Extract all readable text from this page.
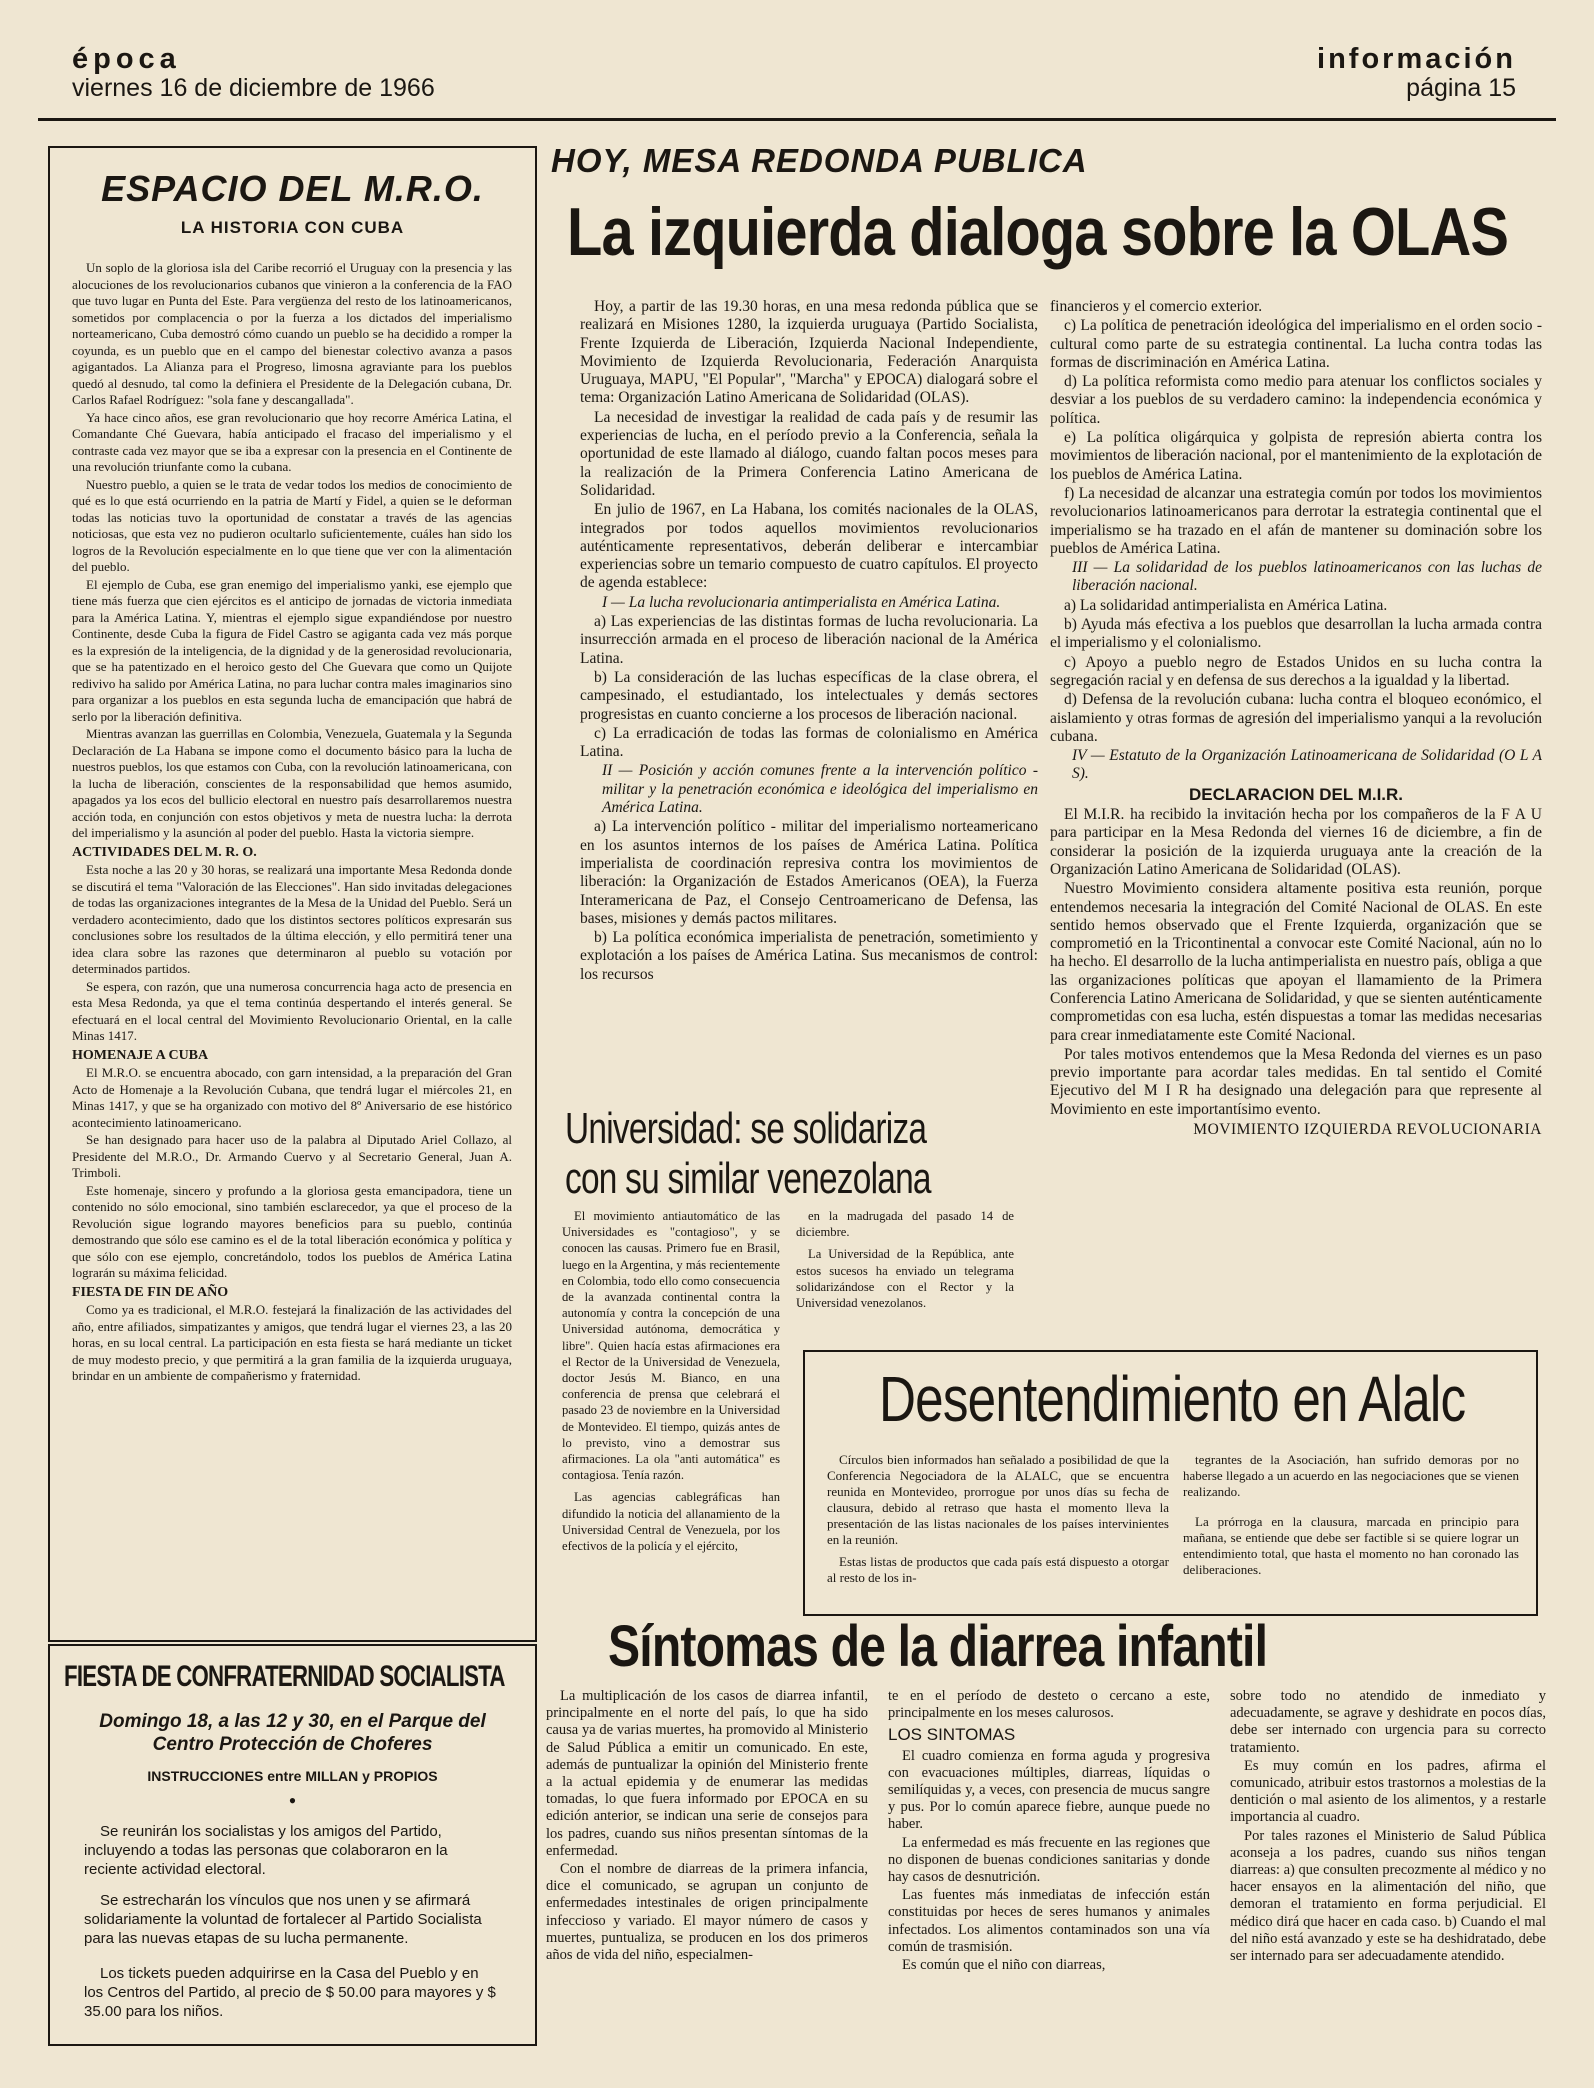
época
viernes 16 de diciembre de 1966
información
página 15
ESPACIO DEL M.R.O.
LA HISTORIA CON CUBA

Un soplo de la gloriosa isla del Caribe recorrió el Uruguay con la presencia y las alocuciones de los revolucionarios cubanos que vinieron a la conferencia de la FAO que tuvo lugar en Punta del Este. Para vergüenza del resto de los latinoamericanos, sometidos por complacencia o por la fuerza a los dictados del imperialismo norteamericano, Cuba demostró cómo cuando un pueblo se ha decidido a romper la coyunda, es un pueblo que en el campo del bienestar colectivo avanza a pasos agigantados. La Alianza para el Progreso, limosna agraviante para los pueblos quedó al desnudo, tal como la definiera el Presidente de la Delegación cubana, Dr. Carlos Rafael Rodríguez: "sola fane y descangallada".

Ya hace cinco años, ese gran revolucionario que hoy recorre América Latina, el Comandante Ché Guevara, había anticipado el fracaso del imperialismo y el contraste cada vez mayor que se iba a expresar con la presencia en el Continente de una revolución triunfante como la cubana.

Nuestro pueblo, a quien se le trata de vedar todos los medios de conocimiento de qué es lo que está ocurriendo en la patria de Martí y Fidel, a quien se le deforman todas las noticias tuvo la oportunidad de constatar a través de las agencias noticiosas, que esta vez no pudieron ocultarlo suficientemente, cuáles han sido los logros de la Revolución especialmente en lo que tiene que ver con la alimentación del pueblo.

El ejemplo de Cuba, ese gran enemigo del imperialismo yanki, ese ejemplo que tiene más fuerza que cien ejércitos es el anticipo de jornadas de victoria inmediata para la América Latina. Y, mientras el ejemplo sigue expandiéndose por nuestro Continente, desde Cuba la figura de Fidel Castro se agiganta cada vez más porque es la expresión de la inteligencia, de la dignidad y de la generosidad revolucionaria, que se ha patentizado en el heroico gesto del Che Guevara que como un Quijote redivivo ha salido por América Latina, no para luchar contra males imaginarios sino para organizar a los pueblos en esta segunda lucha de emancipación que habrá de serlo por la liberación definitiva.

Mientras avanzan las guerrillas en Colombia, Venezuela, Guatemala y la Segunda Declaración de La Habana se impone como el documento básico para la lucha de nuestros pueblos, los que estamos con Cuba, con la revolución latinoamericana, con la lucha de liberación, conscientes de la responsabilidad que hemos asumido, apagados ya los ecos del bullicio electoral en nuestro país desarrollaremos nuestra acción toda, en conjunción con estos objetivos y meta de nuestra lucha: la derrota del imperialismo y la asunción al poder del pueblo. Hasta la victoria siempre.

ACTIVIDADES DEL M. R. O.

Esta noche a las 20 y 30 horas, se realizará una importante Mesa Redonda donde se discutirá el tema "Valoración de las Elecciones". Han sido invitadas delegaciones de todas las organizaciones integrantes de la Mesa de la Unidad del Pueblo. Será un verdadero acontecimiento, dado que los distintos sectores políticos expresarán sus conclusiones sobre los resultados de la última elección, y ello permitirá tener una idea clara sobre las razones que determinaron al pueblo su votación por determinados partidos.

Se espera, con razón, que una numerosa concurrencia haga acto de presencia en esta Mesa Redonda, ya que el tema continúa despertando el interés general. Se efectuará en el local central del Movimiento Revolucionario Oriental, en la calle Minas 1417.

HOMENAJE A CUBA

El M.R.O. se encuentra abocado, con garn intensidad, a la preparación del Gran Acto de Homenaje a la Revolución Cubana, que tendrá lugar el miércoles 21, en Minas 1417, y que se ha organizado con motivo del 8º Aniversario de ese histórico acontecimiento latinoamericano.

Se han designado para hacer uso de la palabra al Diputado Ariel Collazo, al Presidente del M.R.O., Dr. Armando Cuervo y al Secretario General, Juan A. Trimboli.

Este homenaje, sincero y profundo a la gloriosa gesta emancipadora, tiene un contenido no sólo emocional, sino también esclarecedor, ya que el proceso de la Revolución sigue logrando mayores beneficios para su pueblo, continúa demostrando que sólo ese camino es el de la total liberación económica y política y que sólo con ese ejemplo, concretándolo, todos los pueblos de América Latina lograrán su máxima felicidad.

FIESTA DE FIN DE AÑO

Como ya es tradicional, el M.R.O. festejará la finalización de las actividades del año, entre afiliados, simpatizantes y amigos, que tendrá lugar el viernes 23, a las 20 horas, en su local central. La participación en esta fiesta se hará mediante un ticket de muy modesto precio, y que permitirá a la gran familia de la izquierda uruguaya, brindar en un ambiente de compañerismo y fraternidad.

FIESTA DE CONFRATERNIDAD SOCIALISTA
Domingo 18, a las 12 y 30, en el Parque del
Centro Protección de Choferes
INSTRUCCIONES entre MILLAN y PROPIOS
•

Se reunirán los socialistas y los amigos del Partido, incluyendo a todas las personas que colaboraron en la reciente actividad electoral.

Se estrecharán los vínculos que nos unen y se afirmará solidariamente la voluntad de fortalecer al Partido Socialista para las nuevas etapas de su lucha permanente.

Los tickets pueden adquirirse en la Casa del Pueblo y en los Centros del Partido, al precio de $ 50.00 para mayores y $ 35.00 para los niños.

HOY, MESA REDONDA PUBLICA
La izquierda dialoga sobre la OLAS

Hoy, a partir de las 19.30 horas, en una mesa redonda pública que se realizará en Misiones 1280, la izquierda uruguaya (Partido Socialista, Frente Izquierda de Liberación, Izquierda Nacional Independiente, Movimiento de Izquierda Revolucionaria, Federación Anarquista Uruguaya, MAPU, "El Popular", "Marcha" y EPOCA) dialogará sobre el tema: Organización Latino Americana de Solidaridad (OLAS).

La necesidad de investigar la realidad de cada país y de resumir las experiencias de lucha, en el período previo a la Conferencia, señala la oportunidad de este llamado al diálogo, cuando faltan pocos meses para la realización de la Primera Conferencia Latino Americana de Solidaridad.

En julio de 1967, en La Habana, los comités nacionales de la OLAS, integrados por todos aquellos movimientos revolucionarios auténticamente representativos, deberán deliberar e intercambiar experiencias sobre un temario compuesto de cuatro capítulos. El proyecto de agenda establece:

I — La lucha revolucionaria antimperialista en América Latina.

a) Las experiencias de las distintas formas de lucha revolucionaria. La insurrección armada en el proceso de liberación nacional de la América Latina.

b) La consideración de las luchas específicas de la clase obrera, el campesinado, el estudiantado, los intelectuales y demás sectores progresistas en cuanto concierne a los procesos de liberación nacional.

c) La erradicación de todas las formas de colonialismo en América Latina.

II — Posición y acción comunes frente a la intervención político - militar y la penetración económica e ideológica del imperialismo en América Latina.

a) La intervención político - militar del imperialismo norteamericano en los asuntos internos de los países de América Latina. Política imperialista de coordinación represiva contra los movimientos de liberación: la Organización de Estados Americanos (OEA), la Fuerza Interamericana de Paz, el Consejo Centroamericano de Defensa, las bases, misiones y demás pactos militares.

b) La política económica imperialista de penetración, sometimiento y explotación a los países de América Latina. Sus mecanismos de control: los recursos

financieros y el comercio exterior.

c) La política de penetración ideológica del imperialismo en el orden socio - cultural como parte de su estrategia continental. La lucha contra todas las formas de discriminación en América Latina.

d) La política reformista como medio para atenuar los conflictos sociales y desviar a los pueblos de su verdadero camino: la independencia económica y política.

e) La política oligárquica y golpista de represión abierta contra los movimientos de liberación nacional, por el mantenimiento de la explotación de los pueblos de América Latina.

f) La necesidad de alcanzar una estrategia común por todos los movimientos revolucionarios latinoamericanos para derrotar la estrategia continental que el imperialismo se ha trazado en el afán de mantener su dominación sobre los pueblos de América Latina.

III — La solidaridad de los pueblos latinoamericanos con las luchas de liberación nacional.

a) La solidaridad antimperialista en América Latina.

b) Ayuda más efectiva a los pueblos que desarrollan la lucha armada contra el imperialismo y el colonialismo.

c) Apoyo a pueblo negro de Estados Unidos en su lucha contra la segregación racial y en defensa de sus derechos a la igualdad y la libertad.

d) Defensa de la revolución cubana: lucha contra el bloqueo económico, el aislamiento y otras formas de agresión del imperialismo yanqui a la revolución cubana.

IV — Estatuto de la Organización Latinoamericana de Solidaridad (O L A S).

DECLARACION DEL M.I.R.

El M.I.R. ha recibido la invitación hecha por los compañeros de la F A U para participar en la Mesa Redonda del viernes 16 de diciembre, a fin de considerar la posición de la izquierda uruguaya ante la creación de la Organización Latino Americana de Solidaridad (OLAS).

Nuestro Movimiento considera altamente positiva esta reunión, porque entendemos necesaria la integración del Comité Nacional de OLAS. En este sentido hemos observado que el Frente Izquierda, organización que se comprometió en la Tricontinental a convocar este Comité Nacional, aún no lo ha hecho. El desarrollo de la lucha antimperialista en nuestro país, obliga a que las organizaciones políticas que apoyan el llamamiento de la Primera Conferencia Latino Americana de Solidaridad, y que se sienten auténticamente comprometidas con esa lucha, estén dispuestas a tomar las medidas necesarias para crear inmediatamente este Comité Nacional.

Por tales motivos entendemos que la Mesa Redonda del viernes es un paso previo importante para acordar tales medidas. En tal sentido el Comité Ejecutivo del M I R ha designado una delegación para que represente al Movimiento en este importantísimo evento.

MOVIMIENTO IZQUIERDA REVOLUCIONARIA

Universidad: se solidariza
con su similar venezolana

El movimiento antiautomático de las Universidades es "contagioso", y se conocen las causas. Primero fue en Brasil, luego en la Argentina, y más recientemente en Colombia, todo ello como consecuencia de la avanzada continental contra la autonomía y contra la concepción de una Universidad autónoma, democrática y libre". Quien hacía estas afirmaciones era el Rector de la Universidad de Venezuela, doctor Jesús M. Bianco, en una conferencia de prensa que celebrará el pasado 23 de noviembre en la Universidad de Montevideo. El tiempo, quizás antes de lo previsto, vino a demostrar sus afirmaciones. La ola "anti automática" es contagiosa. Tenía razón.

Las agencias cablegráficas han difundido la noticia del allanamiento de la Universidad Central de Venezuela, por los efectivos de la policía y el ejército,

en la madrugada del pasado 14 de diciembre.

La Universidad de la República, ante estos sucesos ha enviado un telegrama solidarizándose con el Rector y la Universidad venezolanos.

Desentendimiento en Alalc

Círculos bien informados han señalado a posibilidad de que la Conferencia Negociadora de la ALALC, que se encuentra reunida en Montevideo, prorrogue por unos días su fecha de clausura, debido al retraso que hasta el momento lleva la presentación de las listas nacionales de los países intervinientes en la reunión.

Estas listas de productos que cada país está dispuesto a otorgar al resto de los in-

tegrantes de la Asociación, han sufrido demoras por no haberse llegado a un acuerdo en las negociaciones que se vienen realizando.

La prórroga en la clausura, marcada en principio para mañana, se entiende que debe ser factible si se quiere lograr un entendimiento total, que hasta el momento no han coronado las deliberaciones.

Síntomas de la diarrea infantil

La multiplicación de los casos de diarrea infantil, principalmente en el norte del país, lo que ha sido causa ya de varias muertes, ha promovido al Ministerio de Salud Pública a emitir un comunicado. En este, además de puntualizar la opinión del Ministerio frente a la actual epidemia y de enumerar las medidas tomadas, lo que fuera informado por EPOCA en su edición anterior, se indican una serie de consejos para los padres, cuando sus niños presentan síntomas de la enfermedad.

Con el nombre de diarreas de la primera infancia, dice el comunicado, se agrupan un conjunto de enfermedades intestinales de origen principalmente infeccioso y variado. El mayor número de casos y muertes, puntualiza, se producen en los dos primeros años de vida del niño, especialmen-

te en el período de desteto o cercano a este, principalmente en los meses calurosos.

LOS SINTOMAS

El cuadro comienza en forma aguda y progresiva con evacuaciones múltiples, diarreas, líquidas o semilíquidas y, a veces, con presencia de mucus sangre y pus. Por lo común aparece fiebre, aunque puede no haber.

La enfermedad es más frecuente en las regiones que no disponen de buenas condiciones sanitarias y donde hay casos de desnutrición.

Las fuentes más inmediatas de infección están constituidas por heces de seres humanos y animales infectados. Los alimentos contaminados son una vía común de trasmisión.

Es común que el niño con diarreas,

sobre todo no atendido de inmediato y adecuadamente, se agrave y deshidrate en pocos días, debe ser internado con urgencia para su correcto tratamiento.

Es muy común en los padres, afirma el comunicado, atribuir estos trastornos a molestias de la dentición o mal asiento de los alimentos, y a restarle importancia al cuadro.

Por tales razones el Ministerio de Salud Pública aconseja a los padres, cuando sus niños tengan diarreas: a) que consulten precozmente al médico y no hacer ensayos en la alimentación del niño, que demoran el tratamiento en forma perjudicial. El médico dirá que hacer en cada caso. b) Cuando el mal del niño está avanzado y este se ha deshidratado, debe ser internado para ser adecuadamente atendido.
